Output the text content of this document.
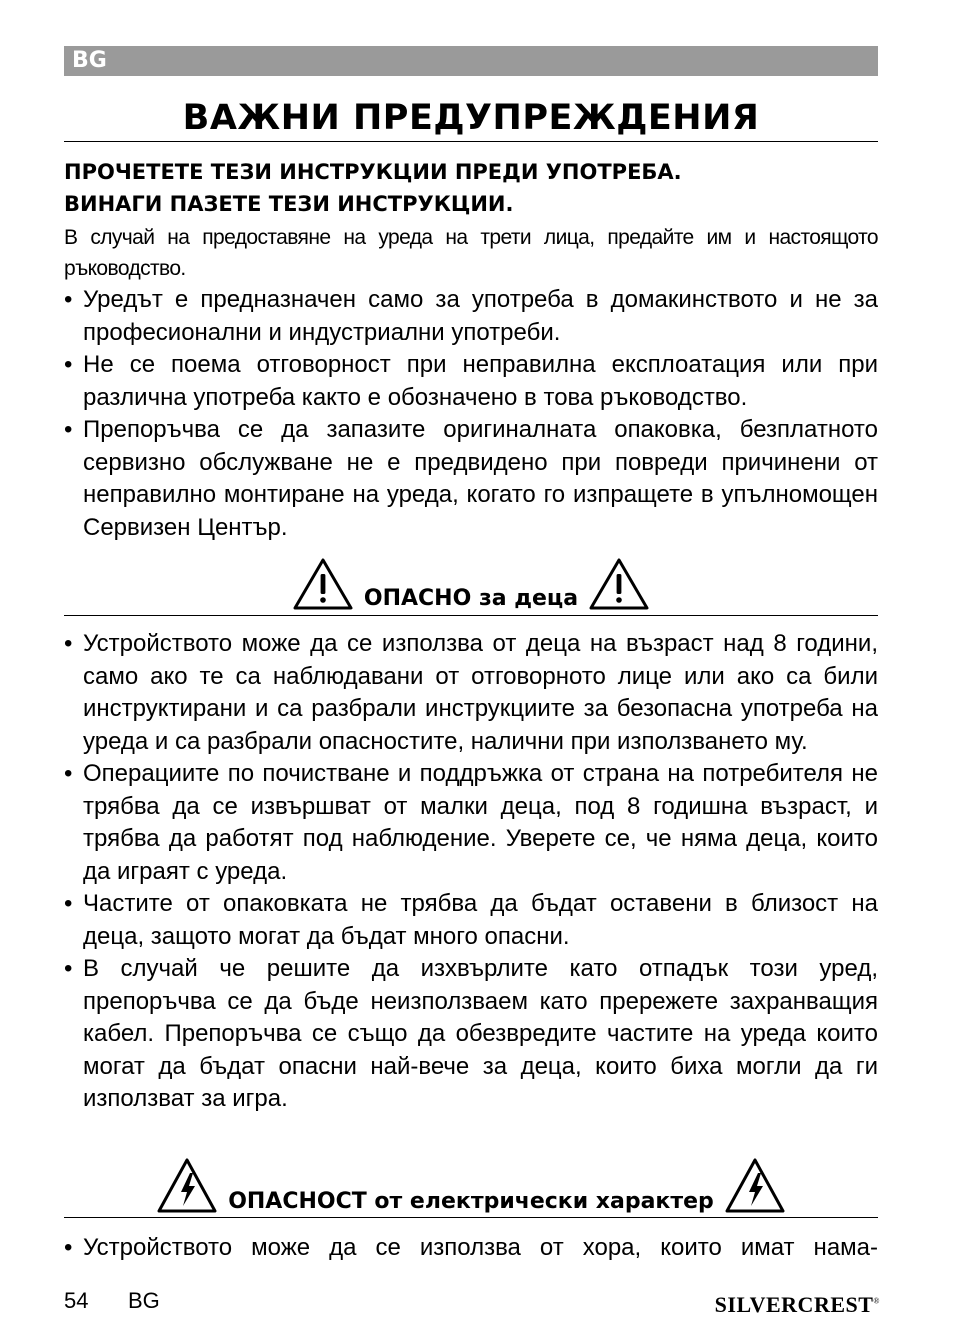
BG
ВАЖНИ ПРЕДУПРЕЖДЕНИЯ

ПРОЧЕТЕТЕ ТЕЗИ ИНСТРУКЦИИ ПРЕДИ УПОТРЕБА.

ВИНАГИ ПАЗЕТЕ ТЕЗИ ИНСТРУКЦИИ.

В случай на предоставяне на уреда на трети лица, предайте им и настоящото ръководство.

• Уредът е предназначен само за употреба в домакинството и не за професионални и индустриални употреби.
• Не се поема отговорност при неправилна експлоатация или при различна употреба както е обозначено в това ръководство.
• Препоръчва се да запазите оригиналната опаковка, безплатното сервизно обслужване не е предвидено при повреди причинени от неправилно монтиране на уреда, когато го изпращете в упълномощен Сервизен Център.
ОПАСНО за деца
• Устройството може да се използва от деца на възраст над 8 години, само ако те са наблюдавани от отговорното лице или ако са били инструктирани и са разбрали инструкциите за безопасна употреба на уреда и са разбрали опасностите, налични при използването му.
• Операциите по почистване и поддръжка от страна на потребителя не трябва да се извършват от малки деца, под 8 годишна възраст, и трябва да работят под наблюдение. Уверете се, че няма деца, които да играят с уреда.
• Частите от опаковката не трябва да бъдат оставени в близост на деца, защото могат да бъдат много опасни.
• В случай че решите да изхвърлите като отпадък този уред, препоръчва се да бъде неизползваем като прережете захранващия кабел. Препоръчва се също да обезвредите частите на уреда които могат да бъдат опасни най-вече за деца, които биха могли да ги използват за игра.
ОПАСНОСТ от електрически характер
• Устройството може да се използва от хора, които имат нама-
54 BG	SILVERCREST®
